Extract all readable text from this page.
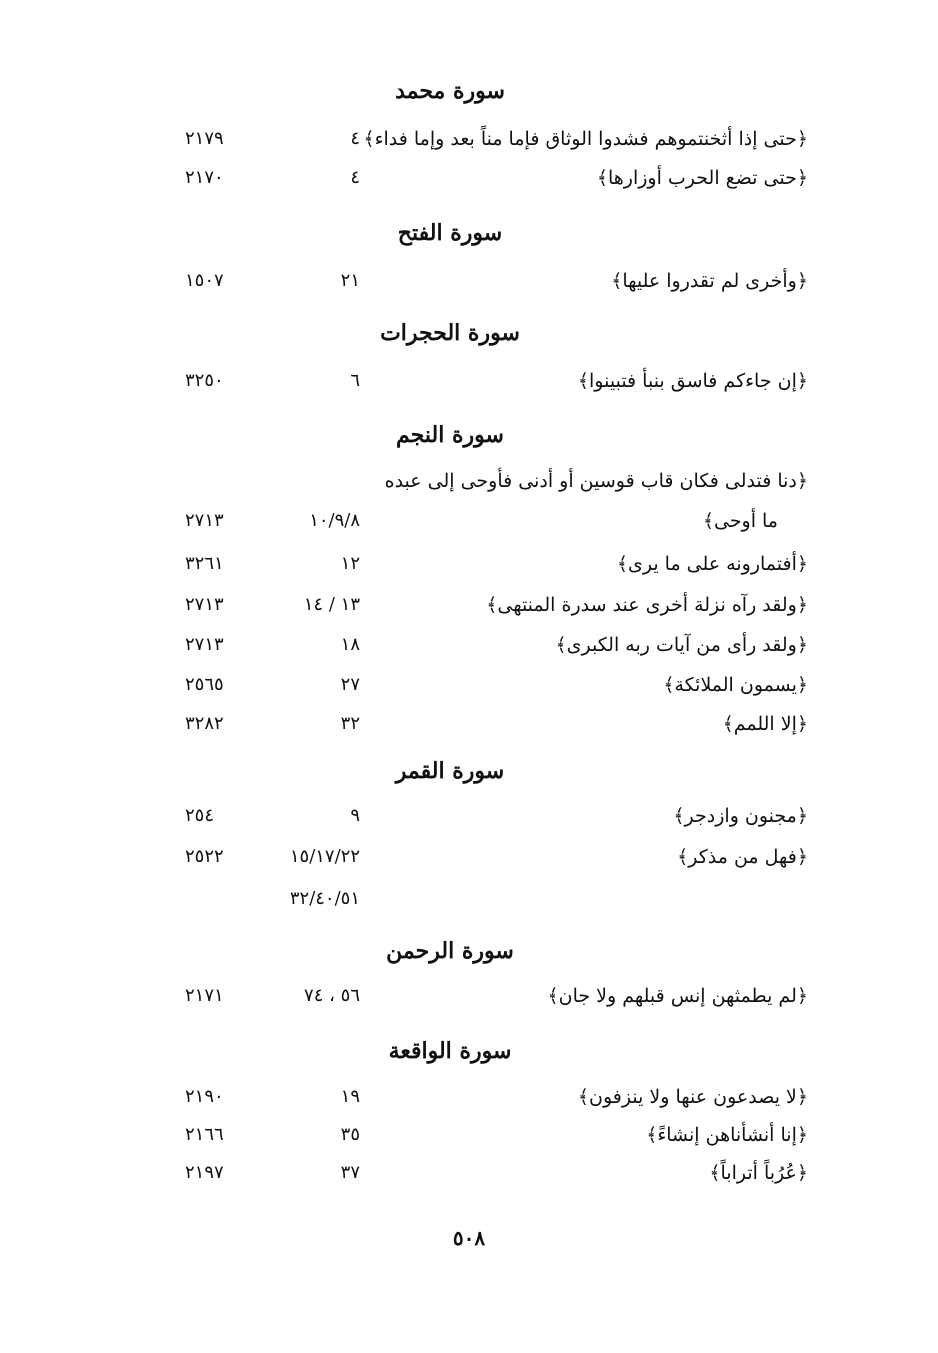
سورة محمد
﴿حتى إذا أثخنتموهم فشدوا الوثاق فإما مناً بعد وإما فداء﴾
٤
٢١٧٩
﴿حتى تضع الحرب أوزارها﴾
٤
٢١٧٠
سورة الفتح
﴿وأخرى لم تقدروا عليها﴾
٢١
١٥٠٧
سورة الحجرات
﴿إن جاءكم فاسق بنبأ فتبينوا﴾
٦
٣٢٥٠
سورة النجم
﴿دنا فتدلى فكان قاب قوسين أو أدنى فأوحى إلى عبده
ما أوحى﴾
١٠/٩/٨
٢٧١٣
﴿أفتمارونه على ما يرى﴾
١٢
٣٢٦١
﴿ولقد رآه نزلة أخرى عند سدرة المنتهى﴾
١٣ / ١٤
٢٧١٣
﴿ولقد رأى من آيات ربه الكبرى﴾
١٨
٢٧١٣
﴿يسمون الملائكة﴾
٢٧
٢٥٦٥
﴿إلا اللمم﴾
٣٢
٣٢٨٢
سورة القمر
﴿مجنون وازدجر﴾
٩
٢٥٤
﴿فهل من مذكر﴾
١٥/١٧/٢٢
٢٥٢٢
٣٢/٤٠/٥١
سورة الرحمن
﴿لم يطمثهن إنس قبلهم ولا جان﴾
٥٦ ، ٧٤
٢١٧١
سورة الواقعة
﴿لا يصدعون عنها ولا ينزفون﴾
١٩
٢١٩٠
﴿إنا أنشأناهن إنشاءً﴾
٣٥
٢١٦٦
﴿عُرُباً أتراباً﴾
٣٧
٢١٩٧
٥٠٨
